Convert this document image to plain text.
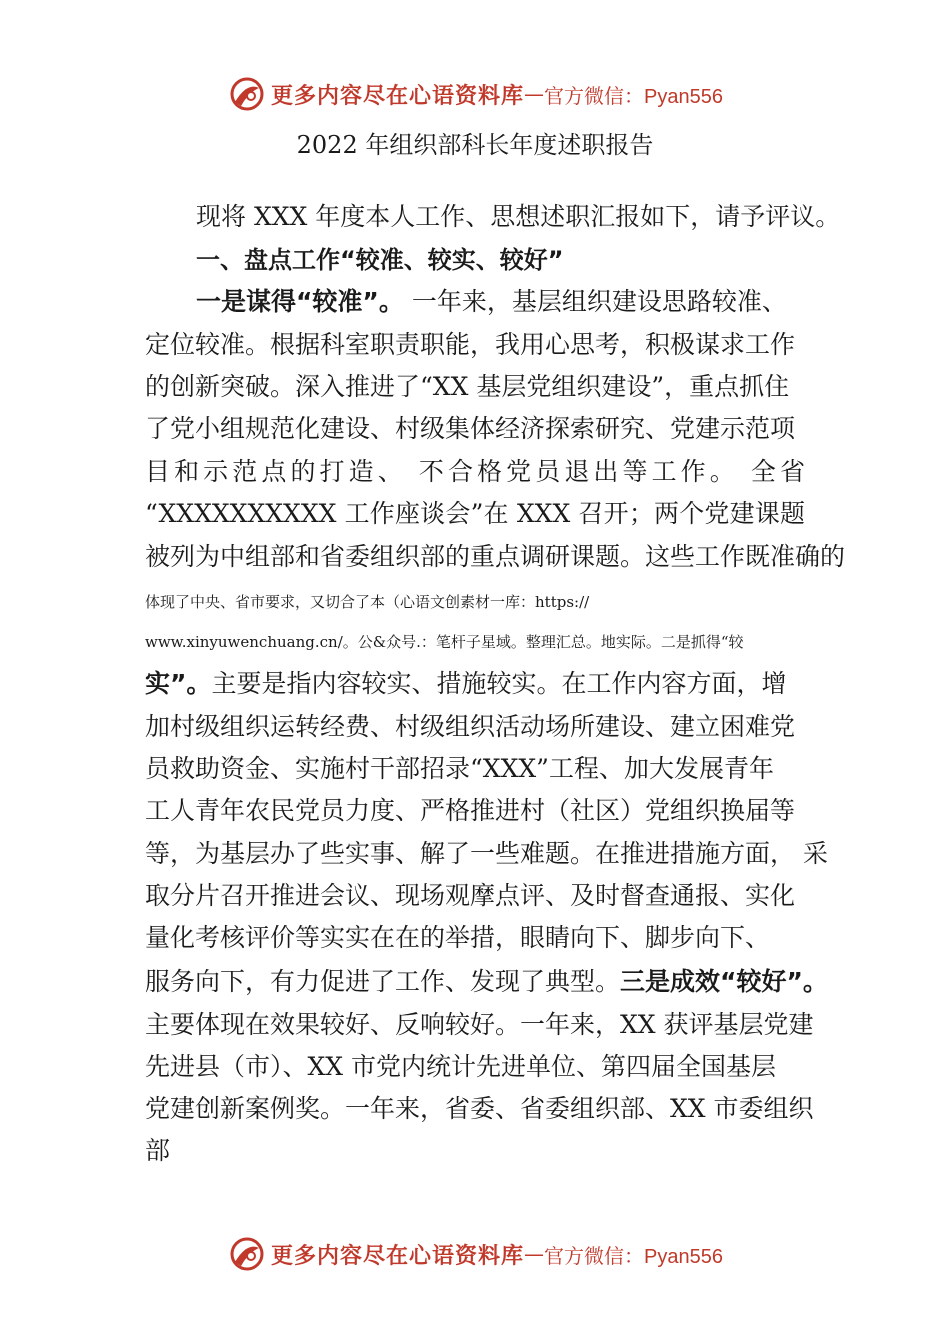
更多内容尽在心语资料库 — 官方微信：Pyan556
2022 年组织部科长年度述职报告
现将 XXX 年度本人工作、思想述职汇报如下，请予评议。
一、盘点工作“较准、较实、较好”
一是谋得“较准”。 一年来，基层组织建设思路较准、
定位较准。根据科室职责职能，我用心思考，积极谋求工作
的创新突破。深入推进了“XX 基层党组织建设”，重点抓住
了党小组规范化建设、村级集体经济探索研究、党建示范项
目和示范点的打造、 不合格党员退出等工作。 全省
“XXXXXXXXXX 工作座谈会”在 XXX 召开；两个党建课题
被列为中组部和省委组织部的重点调研课题。这些工作既准确的
体现了中央、省市要求，又切合了本（心语文创素材一库：https://
www.xinyuwenchuang.cn/。公&众号.：笔杆子星域。整理汇总。地实际。二是抓得“较
实”。主要是指内容较实、措施较实。在工作内容方面，增
加村级组织运转经费、村级组织活动场所建设、建立困难党
员救助资金、实施村干部招录“XXX”工程、加大发展青年
工人青年农民党员力度、严格推进村（社区）党组织换届等
等，为基层办了些实事、解了一些难题。在推进措施方面， 采
取分片召开推进会议、现场观摩点评、及时督查通报、实化
量化考核评价等实实在在的举措，眼睛向下、脚步向下、
服务向下，有力促进了工作、发现了典型。三是成效“较好”。
主要体现在效果较好、反响较好。一年来，XX 获评基层党建
先进县（市）、XX 市党内统计先进单位、第四届全国基层
党建创新案例奖。一年来，省委、省委组织部、XX 市委组织
部
更多内容尽在心语资料库 — 官方微信：Pyan556
